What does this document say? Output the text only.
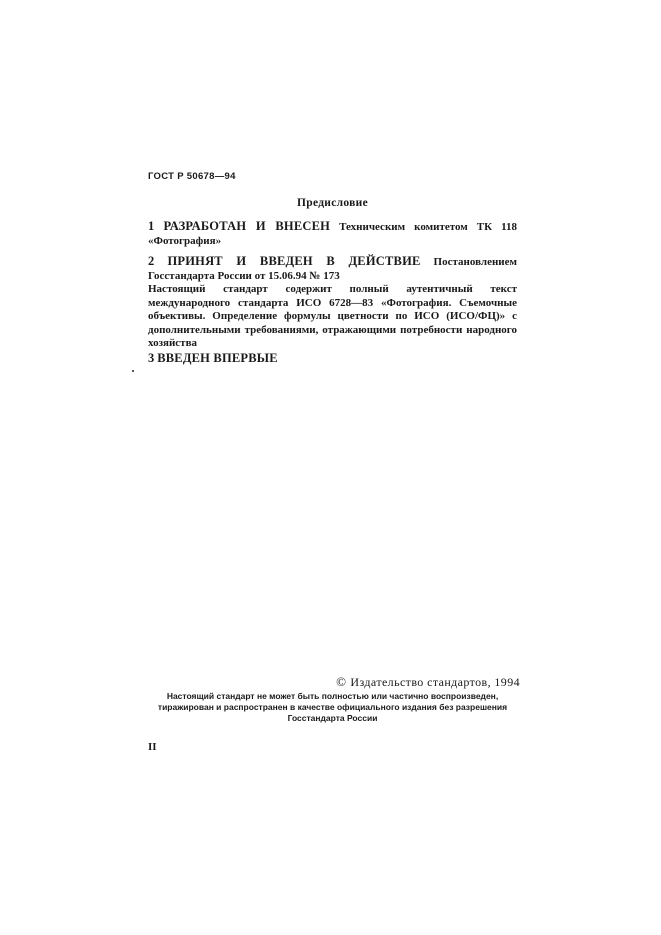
ГОСТ Р 50678—94
Предисловие
1 РАЗРАБОТАН И ВНЕСЕН Техническим комитетом ТК 118 «Фотография»
2 ПРИНЯТ И ВВЕДЕН В ДЕЙСТВИЕ Постановлением Госстандарта России от 15.06.94 № 173
Настоящий стандарт содержит полный аутентичный текст международного стандарта ИСО 6728—83 «Фотография. Съемочные объективы. Определение формулы цветности по ИСО (ИСО/ФЦ)» с дополнительными требованиями, отражающими потребности народного хозяйства
3 ВВЕДЕН ВПЕРВЫЕ
© Издательство стандартов, 1994
Настоящий стандарт не может быть полностью или частично воспроизведен,
тиражирован и распространен в качестве официального издания без разрешения
Госстандарта России
II
